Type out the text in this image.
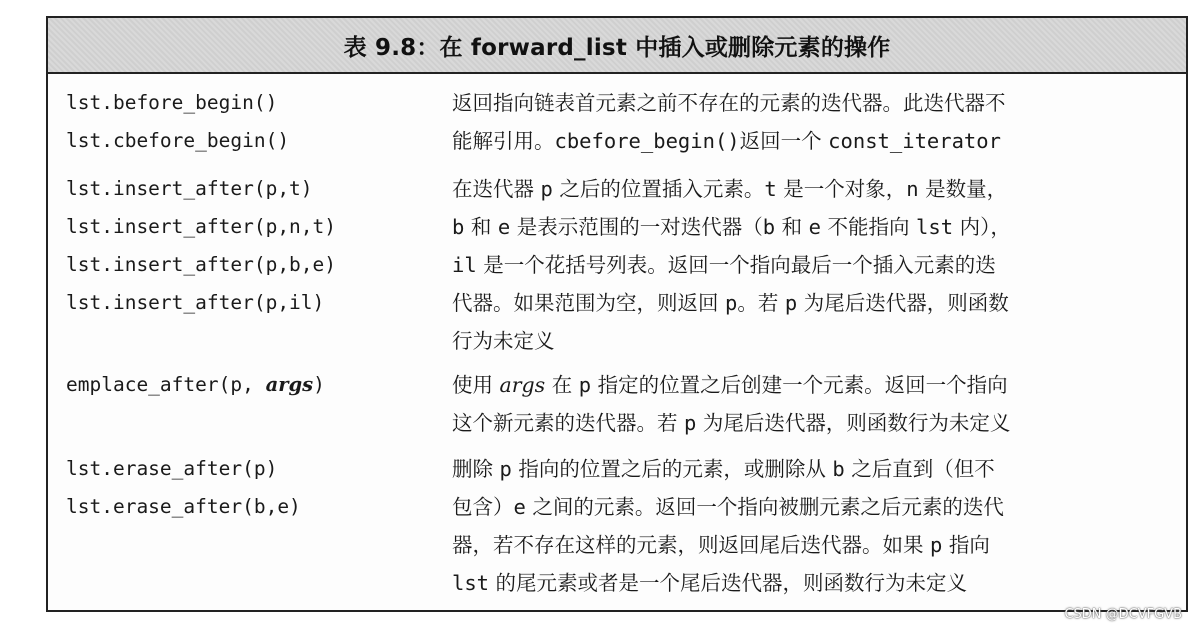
表 9.8：在 forward_list 中插入或删除元素的操作
lst.before_begin()
lst.cbefore_begin()
返回指向链表首元素之前不存在的元素的迭代器。此迭代器不
能解引用。cbefore_begin()返回一个 const_iterator
lst.insert_after(p,t)
lst.insert_after(p,n,t)
lst.insert_after(p,b,e)
lst.insert_after(p,il)
在迭代器 p 之后的位置插入元素。t 是一个对象，n 是数量，
b 和 e 是表示范围的一对迭代器（b 和 e 不能指向 lst 内），
il 是一个花括号列表。返回一个指向最后一个插入元素的迭
代器。如果范围为空，则返回 p。若 p 为尾后迭代器，则函数
行为未定义
emplace_after(p, args)	使用 args 在 p 指定的位置之后创建一个元素。返回一个指向
这个新元素的迭代器。若 p 为尾后迭代器，则函数行为未定义
lst.erase_after(p)
lst.erase_after(b,e)
删除 p 指向的位置之后的元素，或删除从 b 之后直到（但不
包含）e 之间的元素。返回一个指向被删元素之后元素的迭代
器，若不存在这样的元素，则返回尾后迭代器。如果 p 指向
lst 的尾元素或者是一个尾后迭代器，则函数行为未定义
CSDN @DCVFGVB
